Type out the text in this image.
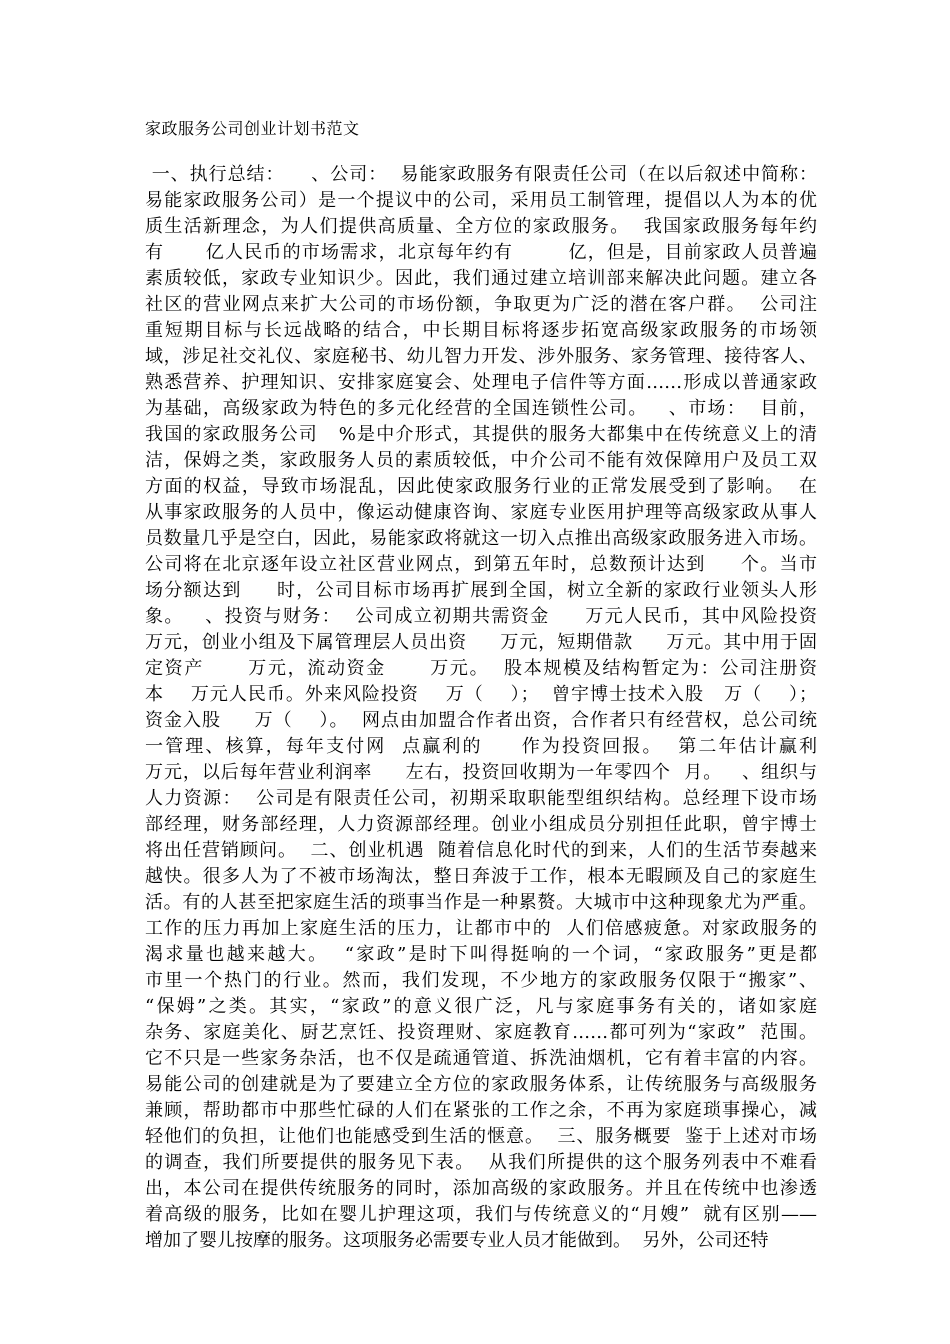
家政服务公司创业计划书范文
一、执行总结：    、公司：  易能家政服务有限责任公司（在以后叙述中简称：
易能家政服务公司）是一个提议中的公司，采用员工制管理，提倡以人为本的优
质生活新理念，为人们提供高质量、全方位的家政服务。  我国家政服务每年约
有      亿人民币的市场需求，北京每年约有        亿，但是，目前家政人员普遍
素质较低，家政专业知识少。因此，我们通过建立培训部来解决此问题。建立各
社区的营业网点来扩大公司的市场份额，争取更为广泛的潜在客户群。  公司注
重短期目标与长远战略的结合，中长期目标将逐步拓宽高级家政服务的市场领
域，涉足社交礼仪、家庭秘书、幼儿智力开发、涉外服务、家务管理、接待客人、
熟悉营养、护理知识、安排家庭宴会、处理电子信件等方面……形成以普通家政
为基础，高级家政为特色的多元化经营的全国连锁性公司。   、市场：  目前，
我国的家政服务公司   %是中介形式，其提供的服务大都集中在传统意义上的清
洁，保姆之类，家政服务人员的素质较低，中介公司不能有效保障用户及员工双
方面的权益，导致市场混乱，因此使家政服务行业的正常发展受到了影响。  在
从事家政服务的人员中，像运动健康咨询、家庭专业医用护理等高级家政从事人
员数量几乎是空白，因此，易能家政将就这一切入点推出高级家政服务进入市场。
公司将在北京逐年设立社区营业网点，到第五年时，总数预计达到     个。当市
场分额达到     时，公司目标市场再扩展到全国，树立全新的家政行业领头人形
象。   、投资与财务：  公司成立初期共需资金     万元人民币，其中风险投资
万元，创业小组及下属管理层人员出资     万元，短期借款     万元。其中用于固
定资产      万元，流动资金      万元。  股本规模及结构暂定为：公司注册资
本    万元人民币。外来风险投资    万（    ）；  曾宇博士技术入股   万（    ）；
资金入股     万（    ）。  网点由加盟合作者出资，合作者只有经营权，总公司统
一管理、核算，每年支付网  点赢利的     作为投资回报。  第二年估计赢利
万元，以后每年营业利润率     左右，投资回收期为一年零四个  月。   、组织与
人力资源：  公司是有限责任公司，初期采取职能型组织结构。总经理下设市场
部经理，财务部经理，人力资源部经理。创业小组成员分别担任此职，曾宇博士
将出任营销顾问。  二、创业机遇  随着信息化时代的到来，人们的生活节奏越来
越快。很多人为了不被市场淘汰，整日奔波于工作，根本无暇顾及自己的家庭生
活。有的人甚至把家庭生活的琐事当作是一种累赘。大城市中这种现象尤为严重。
工作的压力再加上家庭生活的压力，让都市中的  人们倍感疲惫。对家政服务的
渴求量也越来越大。  “家政”是时下叫得挺响的一个词，“家政服务”更是都
市里一个热门的行业。然而，我们发现，不少地方的家政服务仅限于“搬家”、
“保姆”之类。其实，“家政”的意义很广泛，凡与家庭事务有关的，诸如家庭
杂务、家庭美化、厨艺烹饪、投资理财、家庭教育……都可列为“家政”  范围。
它不只是一些家务杂活，也不仅是疏通管道、拆洗油烟机，它有着丰富的内容。
易能公司的创建就是为了要建立全方位的家政服务体系，让传统服务与高级服务
兼顾，帮助都市中那些忙碌的人们在紧张的工作之余，不再为家庭琐事操心，减
轻他们的负担，让他们也能感受到生活的惬意。  三、服务概要  鉴于上述对市场
的调查，我们所要提供的服务见下表。  从我们所提供的这个服务列表中不难看
出，本公司在提供传统服务的同时，添加高级的家政服务。并且在传统中也渗透
着高级的服务，比如在婴儿护理这项，我们与传统意义的“月嫂”  就有区别——
增加了婴儿按摩的服务。这项服务必需要专业人员才能做到。  另外，公司还特
